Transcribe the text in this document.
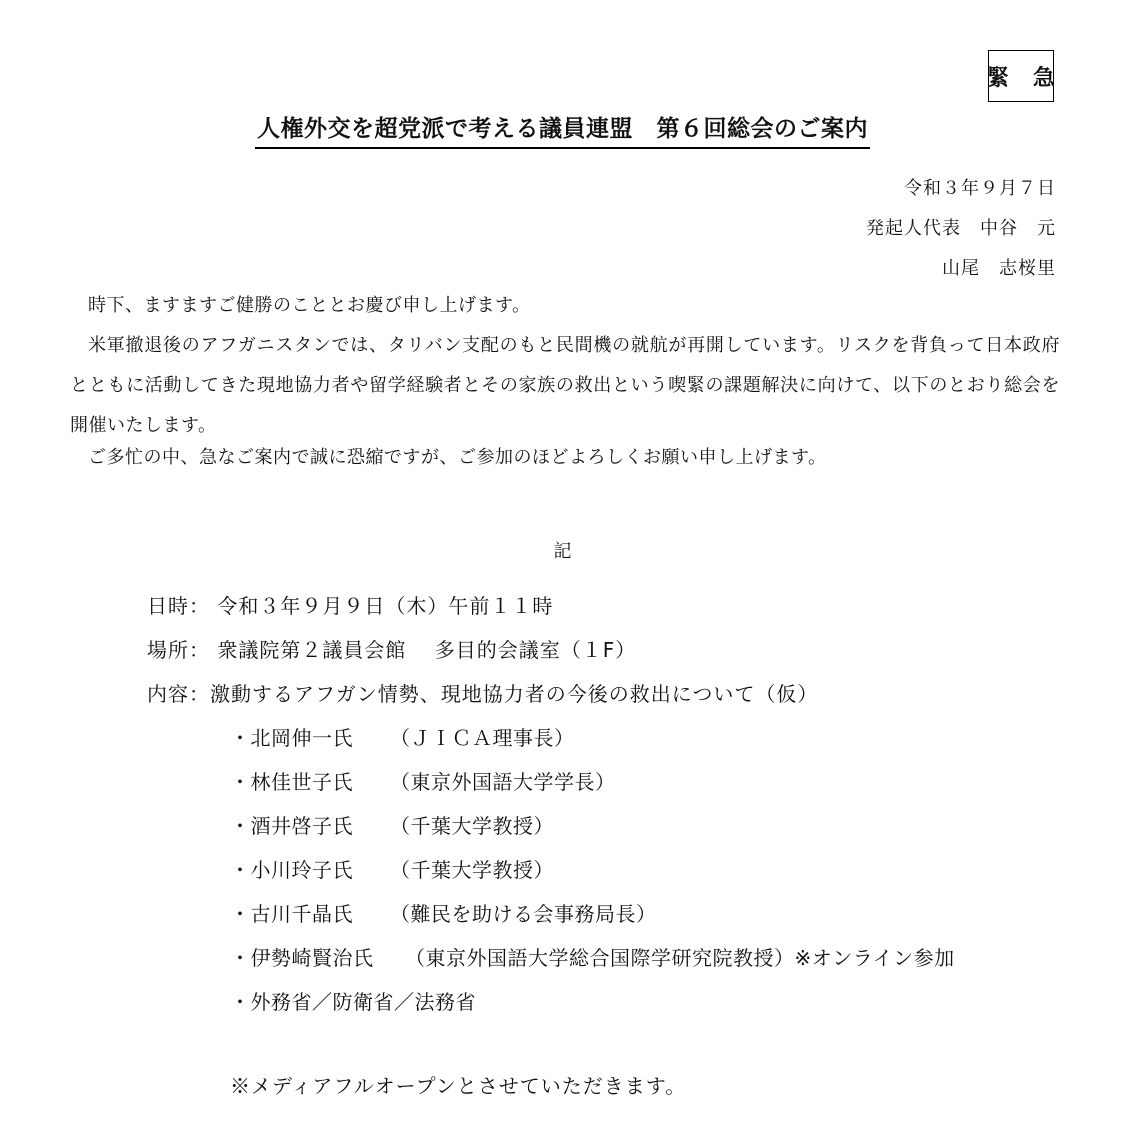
緊 急
人権外交を超党派で考える議員連盟　第６回総会のご案内
令和３年９月７日
発起人代表　中谷　元
山尾　志桜里

時下、ますますご健勝のこととお慶び申し上げます。

米軍撤退後のアフガニスタンでは、タリバン支配のもと民間機の就航が再開しています。リスクを背負って日本政府とともに活動してきた現地協力者や留学経験者とその家族の救出という喫緊の課題解決に向けて、以下のとおり総会を開催いたします。

ご多忙の中、急なご案内で誠に恐縮ですが、ご参加のほどよろしくお願い申し上げます。

記
日時： 令和３年９月９日（木）午前１１時
場所： 衆議院第２議員会館　 多目的会議室（１F）
内容：激動するアフガン情勢、現地協力者の今後の救出について（仮）
・北岡伸一氏 （ＪＩＣＡ理事長）
・林佳世子氏 （東京外国語大学学長）
・酒井啓子氏 （千葉大学教授）
・小川玲子氏 （千葉大学教授）
・古川千晶氏 （難民を助ける会事務局長）
・伊勢崎賢治氏 （東京外国語大学総合国際学研究院教授）※オンライン参加
・外務省／防衛省／法務省
※メディアフルオープンとさせていただきます。
